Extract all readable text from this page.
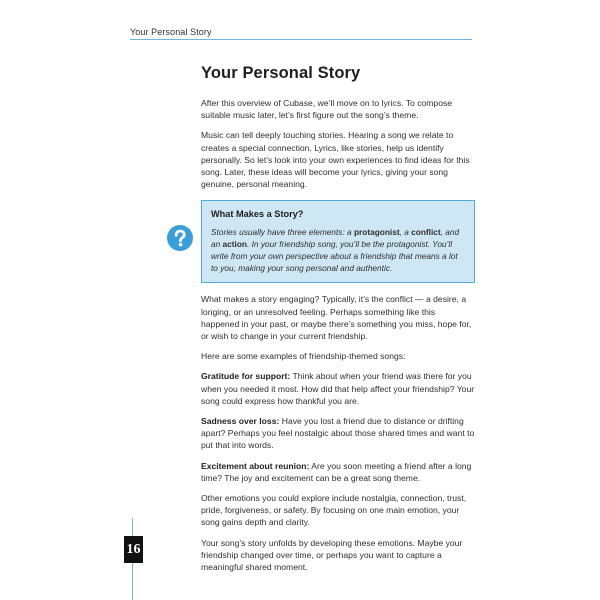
Your Personal Story
Your Personal Story

After this overview of Cubase, we’ll move on to lyrics. To compose suitable music later, let’s first figure out the song’s theme.

Music can tell deeply touching stories. Hearing a song we relate to creates a special connection. Lyrics, like stories, help us identify personally. So let’s look into your own experiences to find ideas for this song. Later, these ideas will become your lyrics, giving your song genuine, personal meaning.

What Makes a Story?
Stories usually have three elements: a protagonist, a conflict, and an action. In your friendship song, you’ll be the protagonist. You’ll write from your own perspective about a friendship that means a lot to you, making your song personal and authentic.

What makes a story engaging? Typically, it’s the conflict — a desire, a longing, or an unresolved feeling. Perhaps something like this happened in your past, or maybe there’s something you miss, hope for, or wish to change in your current friendship.

Here are some examples of friendship-themed songs:

Gratitude for support: Think about when your friend was there for you when you needed it most. How did that help affect your friendship? Your song could express how thankful you are.

Sadness over loss: Have you lost a friend due to distance or drifting apart? Perhaps you feel nostalgic about those shared times and want to put that into words.

Excitement about reunion: Are you soon meeting a friend after a long time? The joy and excitement can be a great song theme.

Other emotions you could explore include nostalgia, connection, trust, pride, forgiveness, or safety. By focusing on one main emotion, your song gains depth and clarity.

Your song’s story unfolds by developing these emotions. Maybe your friendship changed over time, or perhaps you want to capture a meaningful shared moment.

16
